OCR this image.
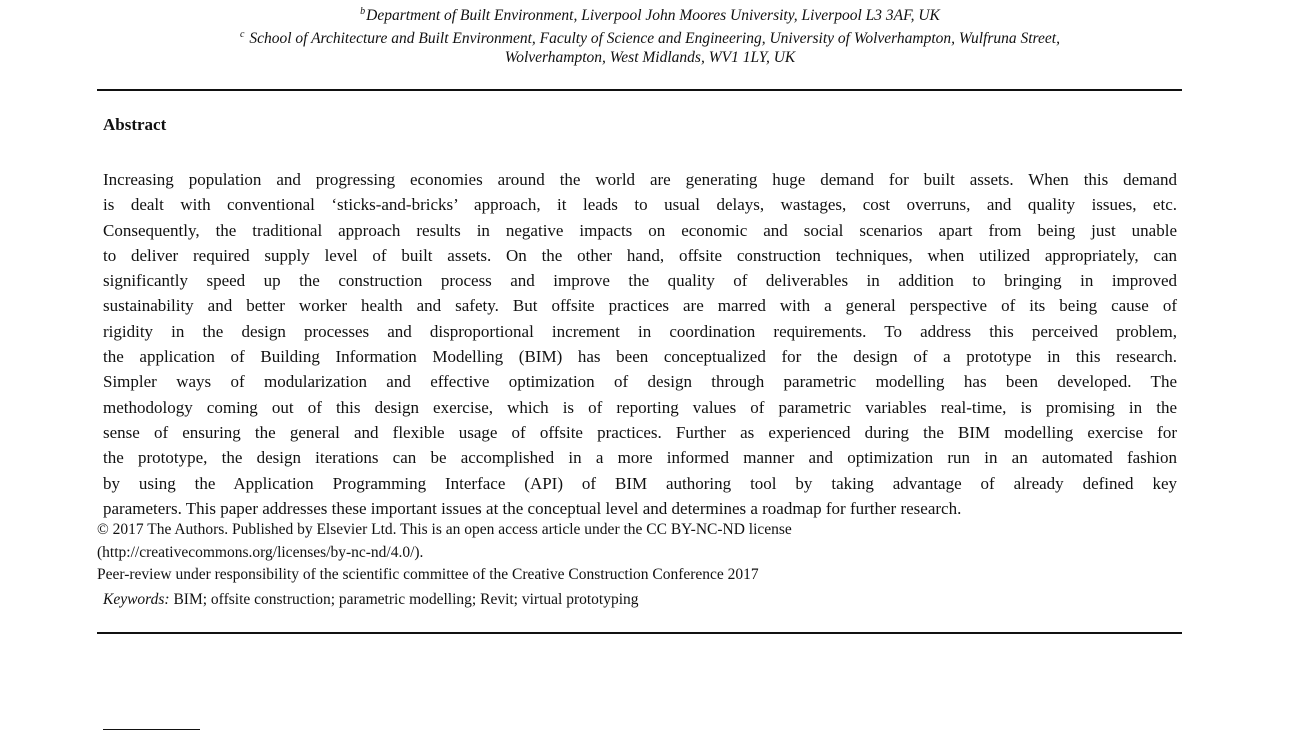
$^b$Department of Built Environment, Liverpool John Moores University, Liverpool L3 3AF, UK
$^c$ School of Architecture and Built Environment, Faculty of Science and Engineering, University of Wolverhampton, Wulfruna Street,
Wolverhampton, West Midlands, WV1 1LY, UK
Abstract
Increasing population and progressing economies around the world are generating huge demand for built assets. When this demand
is dealt with conventional ‘sticks-and-bricks’ approach, it leads to usual delays, wastages, cost overruns, and quality issues, etc.
Consequently, the traditional approach results in negative impacts on economic and social scenarios apart from being just unable
to deliver required supply level of built assets. On the other hand, offsite construction techniques, when utilized appropriately, can
significantly speed up the construction process and improve the quality of deliverables in addition to bringing in improved
sustainability and better worker health and safety. But offsite practices are marred with a general perspective of its being cause of
rigidity in the design processes and disproportional increment in coordination requirements. To address this perceived problem,
the application of Building Information Modelling (BIM) has been conceptualized for the design of a prototype in this research.
Simpler ways of modularization and effective optimization of design through parametric modelling has been developed. The
methodology coming out of this design exercise, which is of reporting values of parametric variables real-time, is promising in the
sense of ensuring the general and flexible usage of offsite practices. Further as experienced during the BIM modelling exercise for
the prototype, the design iterations can be accomplished in a more informed manner and optimization run in an automated fashion
by using the Application Programming Interface (API) of BIM authoring tool by taking advantage of already defined key
parameters. This paper addresses these important issues at the conceptual level and determines a roadmap for further research.
© 2017 The Authors. Published by Elsevier Ltd. This is an open access article under the CC BY-NC-ND license
(http://creativecommons.org/licenses/by-nc-nd/4.0/).
Peer-review under responsibility of the scientific committee of the Creative Construction Conference 2017
Keywords: BIM; offsite construction; parametric modelling; Revit; virtual prototyping
